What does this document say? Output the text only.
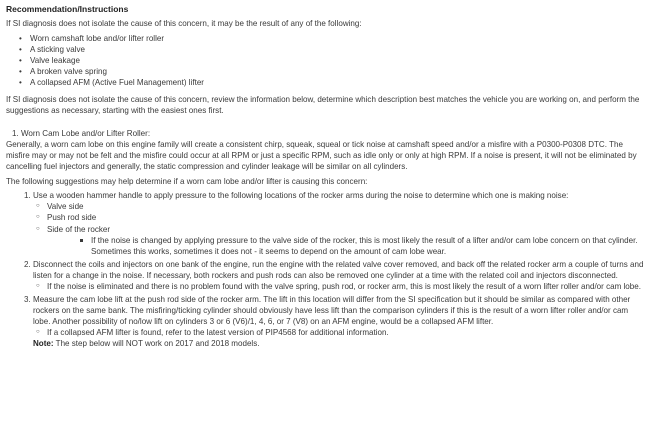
Recommendation/Instructions

If SI diagnosis does not isolate the cause of this concern, it may be the result of any of the following:

• Worn camshaft lobe and/or lifter roller
• A sticking valve
• Valve leakage
• A broken valve spring
• A collapsed AFM (Active Fuel Management) lifter

If SI diagnosis does not isolate the cause of this concern, review the information below, determine which description best matches the vehicle you are working on, and perform the suggestions as necessary, starting with the easiest ones first.

1. Worn Cam Lobe and/or Lifter Roller:

Generally, a worn cam lobe on this engine family will create a consistent chirp, squeak, squeal or tick noise at camshaft speed and/or a misfire with a P0300-P0308 DTC. The misfire may or may not be felt and the misfire could occur at all RPM or just a specific RPM, such as idle only or only at high RPM. If a noise is present, it will not be eliminated by cancelling fuel injectors and generally, the static compression and cylinder leakage will be similar on all cylinders.

The following suggestions may help determine if a worn cam lobe and/or lifter is causing this concern:

1. Use a wooden hammer handle to apply pressure to the following locations of the rocker arms during the noise to determine which one is making noise:
○ Valve side
○ Push rod side
○ Side of the rocker
If the noise is changed by applying pressure to the valve side of the rocker, this is most likely the result of a lifter and/or cam lobe concern on that cylinder. Sometimes this works, sometimes it does not - it seems to depend on the amount of cam lobe wear.
2. Disconnect the coils and injectors on one bank of the engine, run the engine with the related valve cover removed, and back off the related rocker arm a couple of turns and listen for a change in the noise. If necessary, both rockers and push rods can also be removed one cylinder at a time with the related coil and injectors disconnected.
○ If the noise is eliminated and there is no problem found with the valve spring, push rod, or rocker arm, this is most likely the result of a worn lifter roller and/or cam lobe.
3. Measure the cam lobe lift at the push rod side of the rocker arm. The lift in this location will differ from the SI specification but it should be similar as compared with other rockers on the same bank. The misfiring/ticking cylinder should obviously have less lift than the comparison cylinders if this is the result of a worn lifter roller and/or cam lobe. Another possibility of no/low lift on cylinders 3 or 6 (V6)/1, 4, 6, or 7 (V8) on an AFM engine, would be a collapsed AFM lifter.
○ If a collapsed AFM lifter is found, refer to the latest version of PIP4568 for additional information.

Note: The step below will NOT work on 2017 and 2018 models.
